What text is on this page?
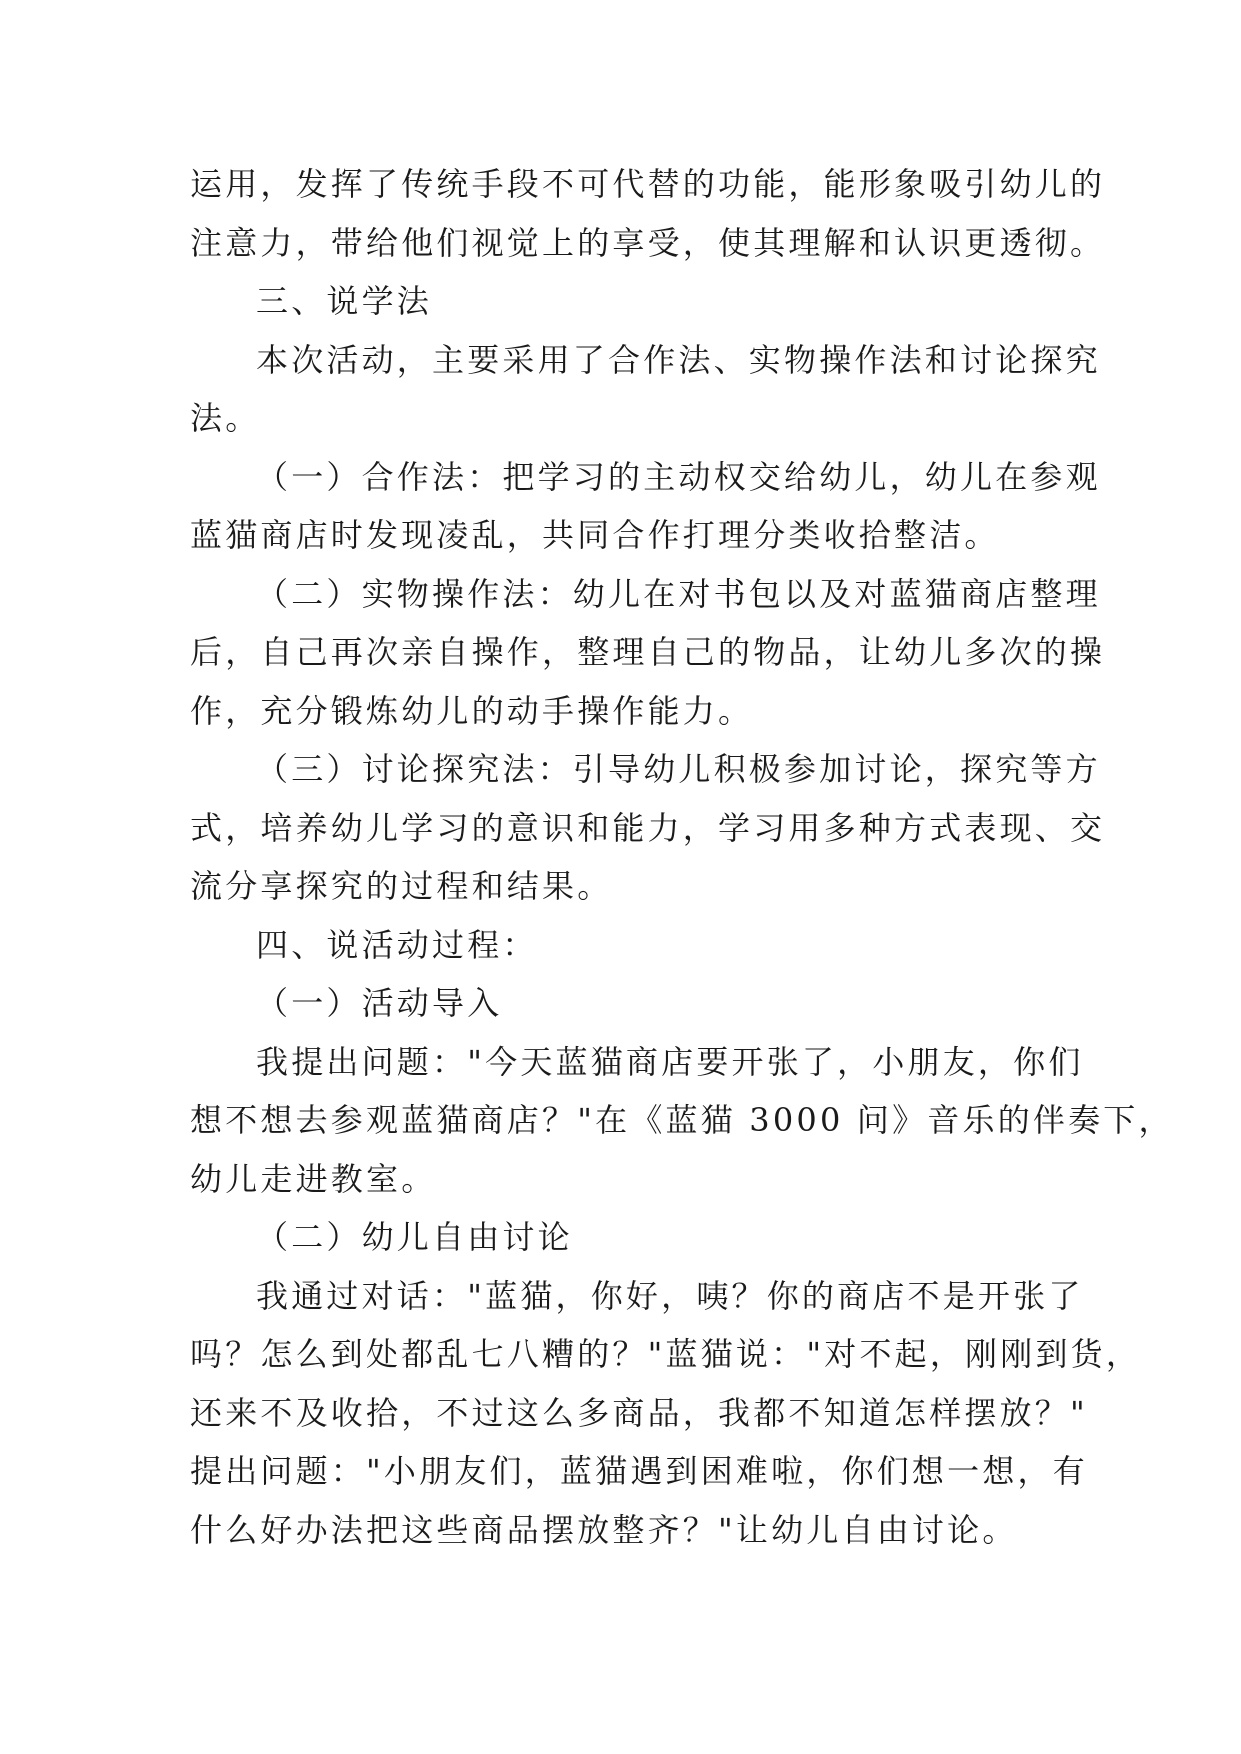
运用，发挥了传统手段不可代替的功能，能形象吸引幼儿的
注意力，带给他们视觉上的享受，使其理解和认识更透彻。
三、说学法
本次活动，主要采用了合作法、实物操作法和讨论探究
法。
（一）合作法：把学习的主动权交给幼儿，幼儿在参观
蓝猫商店时发现凌乱，共同合作打理分类收拾整洁。
（二）实物操作法：幼儿在对书包以及对蓝猫商店整理
后，自己再次亲自操作，整理自己的物品，让幼儿多次的操
作，充分锻炼幼儿的动手操作能力。
（三）讨论探究法：引导幼儿积极参加讨论，探究等方
式，培养幼儿学习的意识和能力，学习用多种方式表现、交
流分享探究的过程和结果。
四、说活动过程：
（一）活动导入
我提出问题："今天蓝猫商店要开张了，小朋友，你们
想不想去参观蓝猫商店？"在《蓝猫 3000 问》音乐的伴奏下，
幼儿走进教室。
（二）幼儿自由讨论
我通过对话："蓝猫，你好，咦？你的商店不是开张了
吗？怎么到处都乱七八糟的？"蓝猫说："对不起，刚刚到货，
还来不及收拾，不过这么多商品，我都不知道怎样摆放？"
提出问题："小朋友们，蓝猫遇到困难啦，你们想一想，有
什么好办法把这些商品摆放整齐？"让幼儿自由讨论。
